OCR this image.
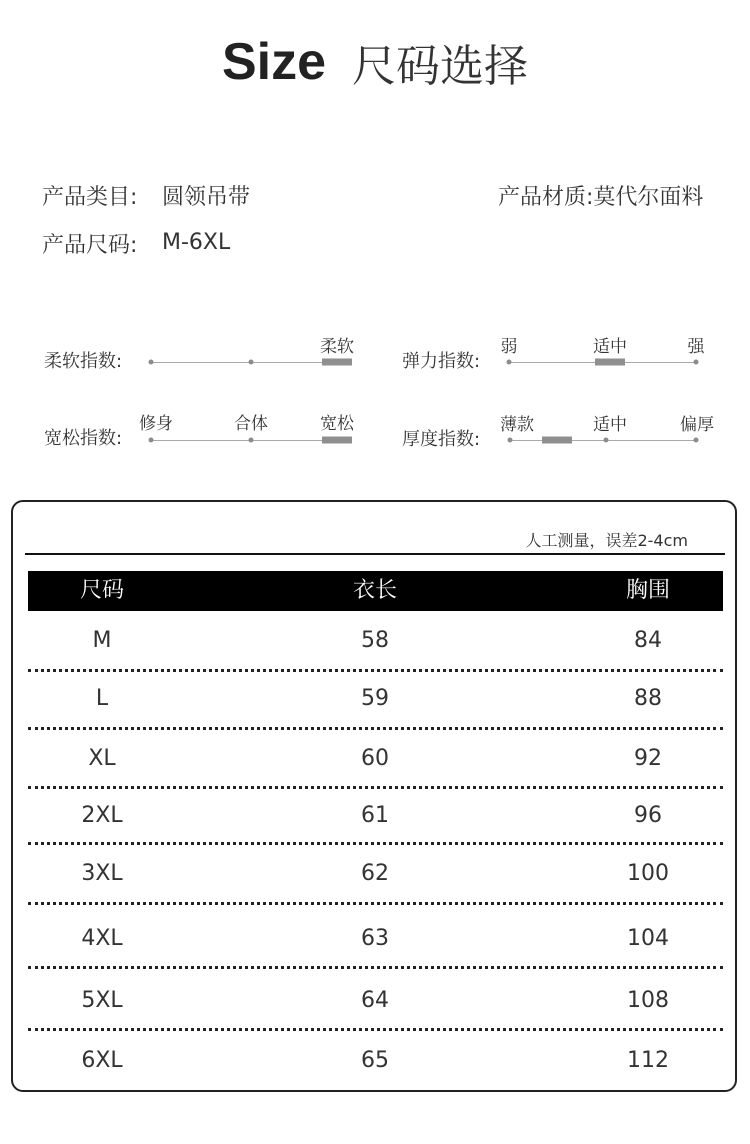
Size 尺码选择
产品类目: 圆领吊带	产品材质:莫代尔面料
产品尺码: M-6XL
柔软指数:
柔软
弹力指数:
弱	适中	强
宽松指数:
修身	合体	宽松
厚度指数:
薄款	适中	偏厚
人工测量，误差2-4cm
尺码	衣长	胸围
M	58	84
L	59	88
XL	60	92
2XL	61	96
3XL	62	100
4XL	63	104
5XL	64	108
6XL	65	112
